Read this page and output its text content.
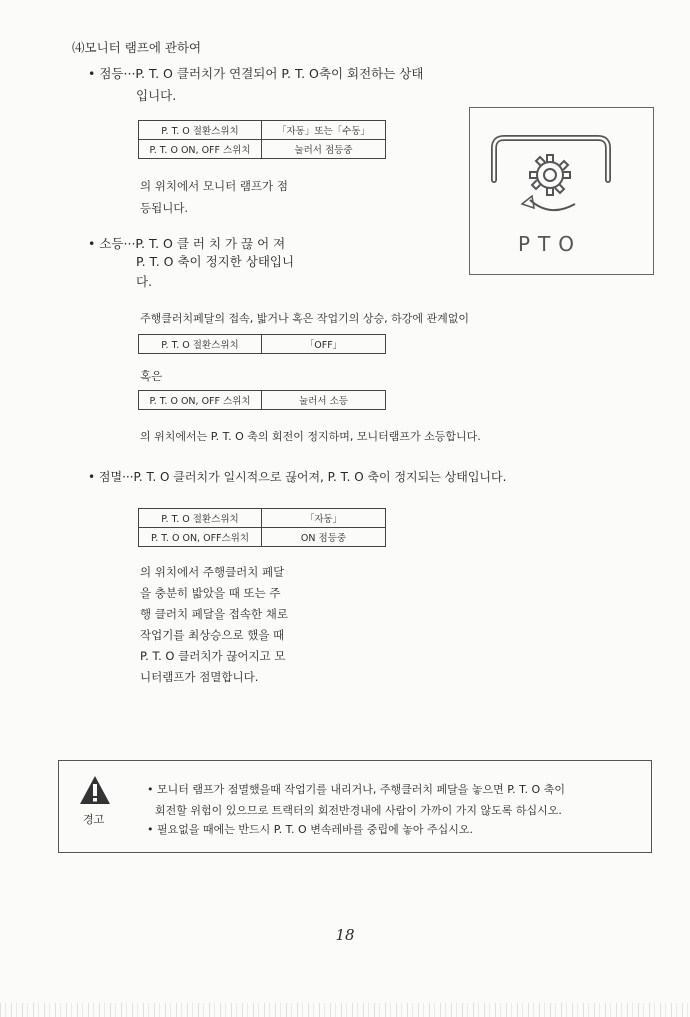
⑷모니터 램프에 관하여
• 점등···P. T. O 클러치가 연결되어 P. T. O축이 회전하는 상태
입니다.
P. T. O 절환스위치	「자동」또는「수동」
P. T. O ON, OFF 스위치	눌러서 점등중
의 위치에서 모니터 램프가 점
등됩니다.
PTO
• 소등···P. T. O 클 러 치 가 끊 어 져
P. T. O 축이 정지한 상태입니
다.
주행클러치페달의 접속, 밟거나 혹은 작업기의 상승, 하강에 관계없이
P. T. O 절환스위치	「OFF」
혹은
P. T. O ON, OFF 스위치	눌러서 소등
의 위치에서는 P. T. O 축의 회전이 정지하며, 모니터램프가 소등합니다.
• 점멸···P. T. O 클러치가 일시적으로 끊어져, P. T. O 축이 정지되는 상태입니다.
P. T. O 절환스위치	「자동」
P. T. O ON, OFF스위치	ON 점등중
의 위치에서 주행클러치 페달
을 충분히 밟았을 때 또는 주
행 클러치 페달을 접속한 채로
작업기를 최상승으로 했을 때
P. T. O 클러치가 끊어지고 모
니터램프가 점멸합니다.
경고
• 모니터 램프가 점멸했을때 작업기를 내리거나, 주행클러치 페달을 놓으면 P. T. O 축이
회전할 위험이 있으므로 트랙터의 회전반경내에 사람이 가까이 가지 않도록 하십시오.
• 필요없을 때에는 반드시 P. T. O 변속레바를 중립에 놓아 주십시오.
18
